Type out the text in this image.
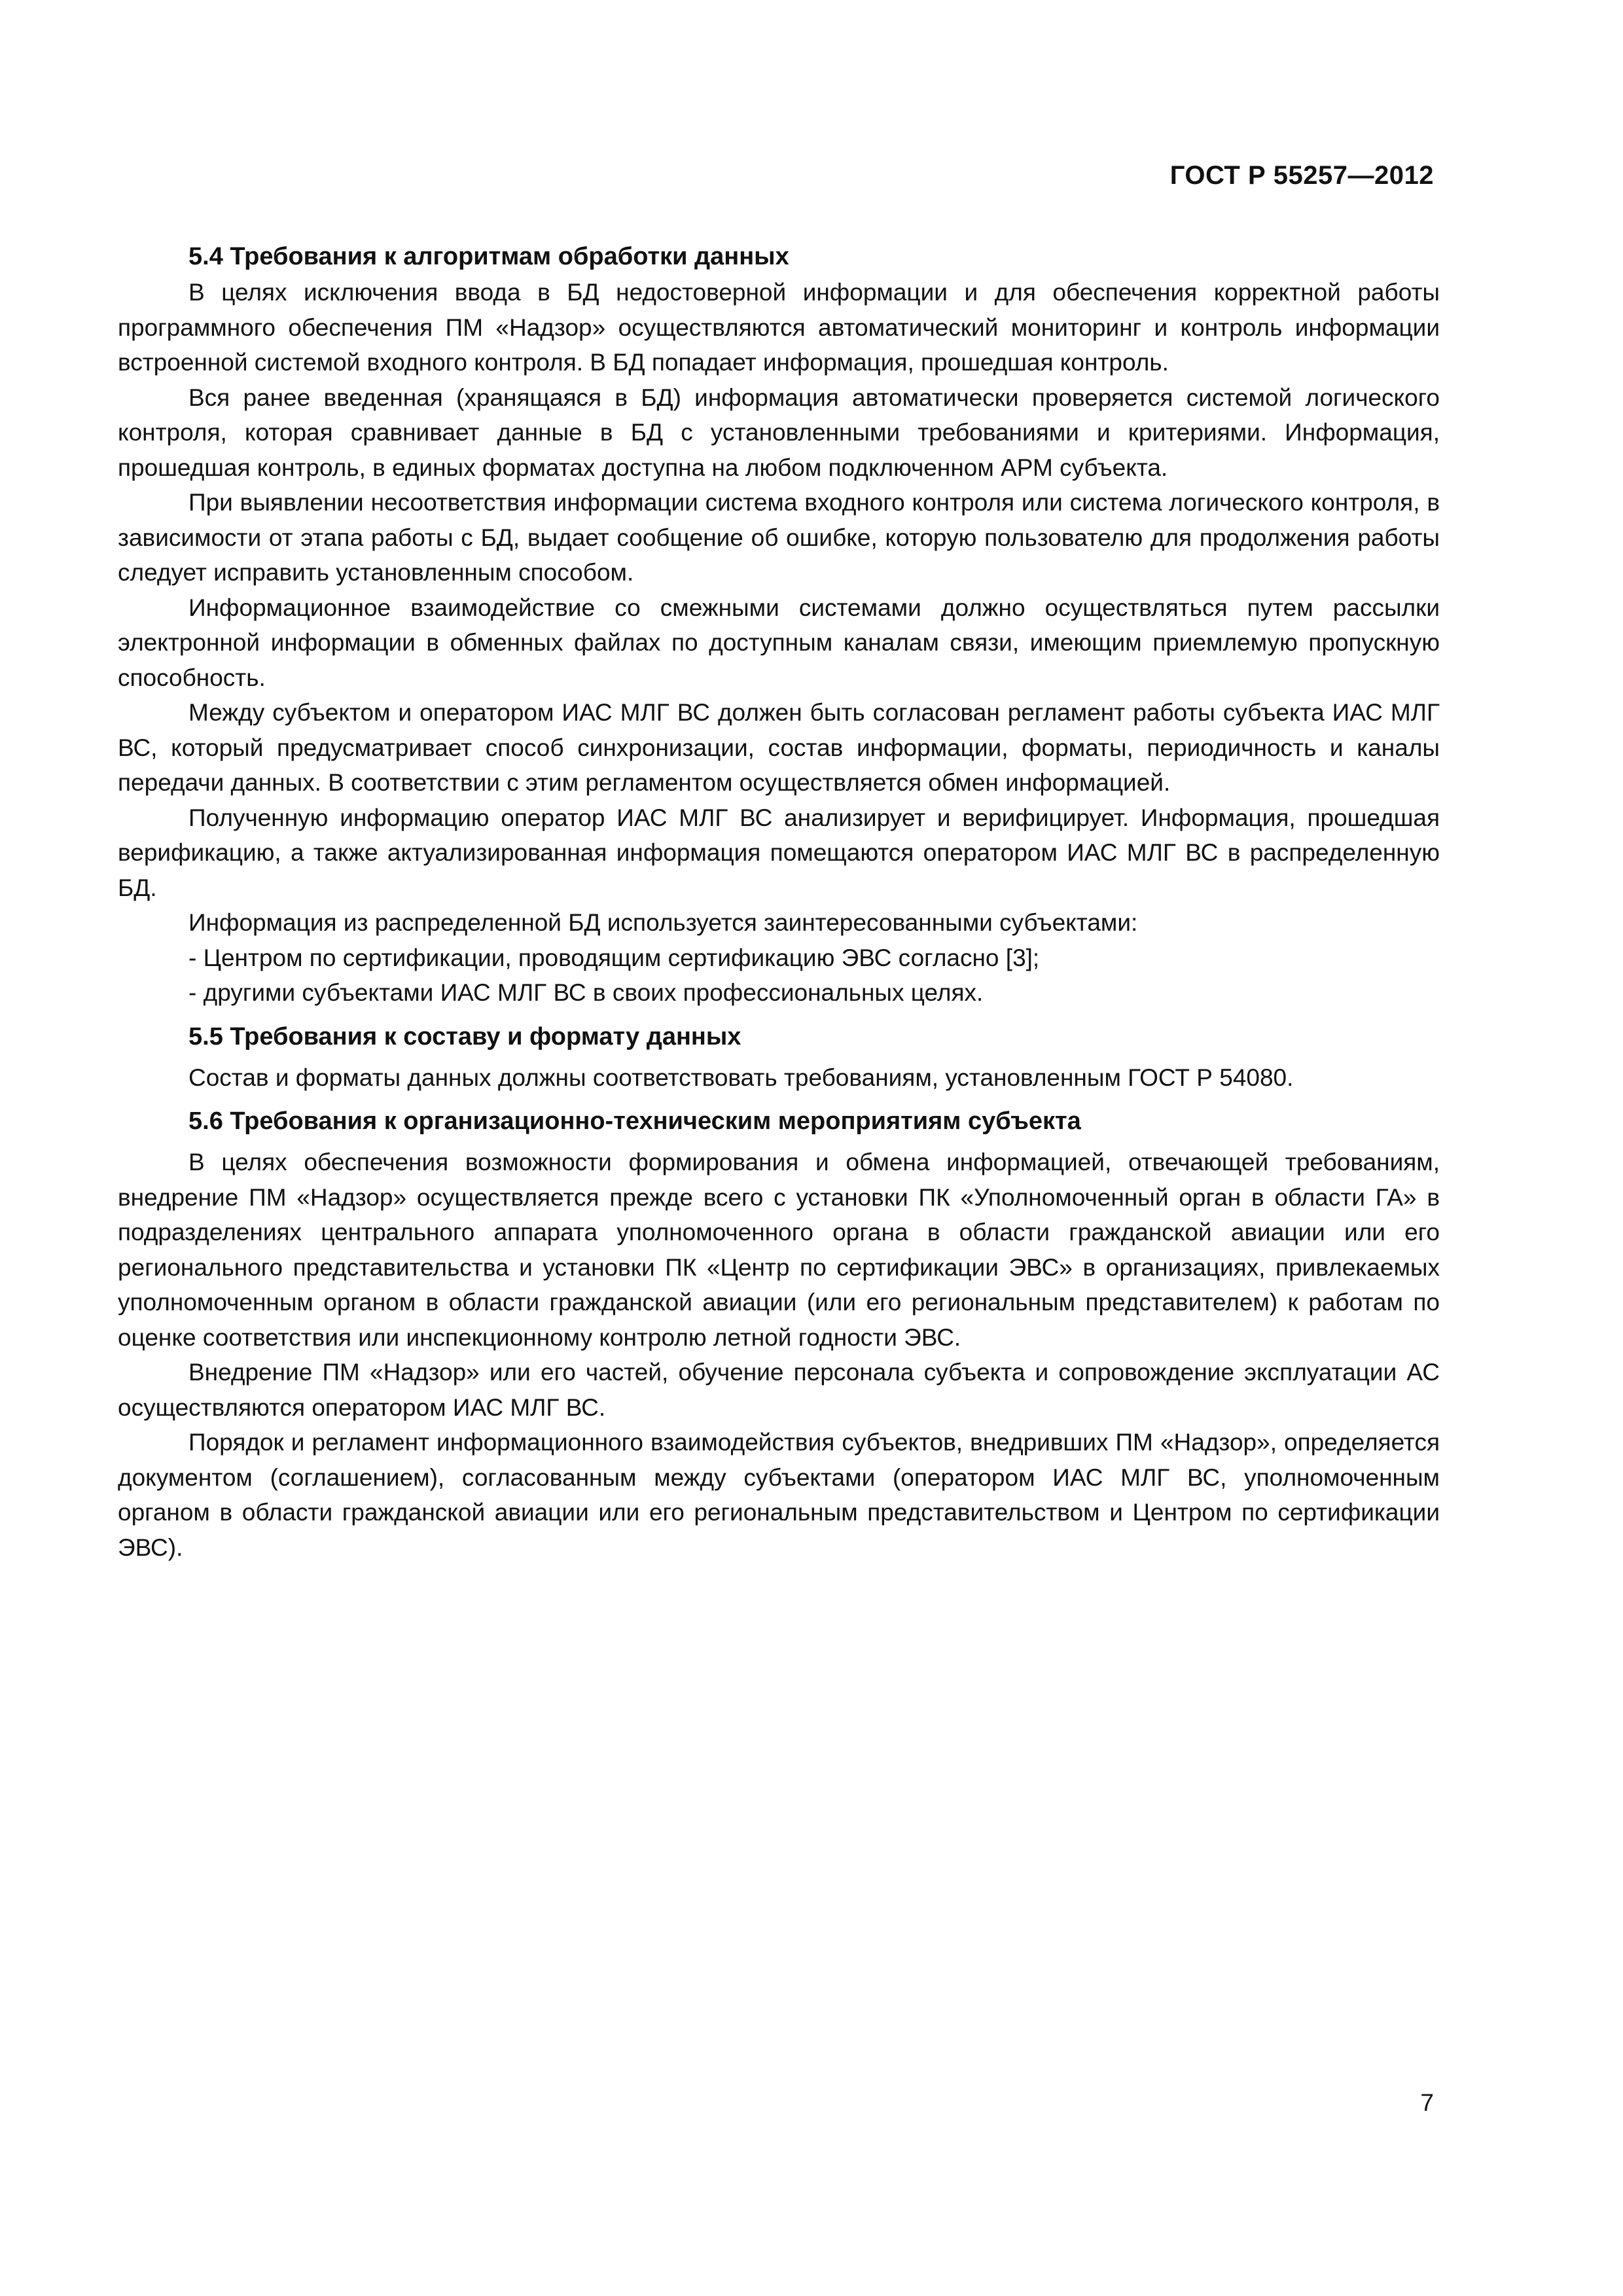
ГОСТ Р 55257—2012
5.4 Требования к алгоритмам обработки данных

В целях исключения ввода в БД недостоверной информации и для обеспечения корректной работы программного обеспечения ПМ «Надзор» осуществляются автоматический мониторинг и контроль информации встроенной системой входного контроля. В БД попадает информация, прошедшая контроль.

Вся ранее введенная (хранящаяся в БД) информация автоматически проверяется системой логического контроля, которая сравнивает данные в БД с установленными требованиями и критериями. Информация, прошедшая контроль, в единых форматах доступна на любом подключенном АРМ субъекта.

При выявлении несоответствия информации система входного контроля или система логического контроля, в зависимости от этапа работы с БД, выдает сообщение об ошибке, которую пользователю для продолжения работы следует исправить установленным способом.

Информационное взаимодействие со смежными системами должно осуществляться путем рассылки электронной информации в обменных файлах по доступным каналам связи, имеющим приемлемую пропускную способность.

Между субъектом и оператором ИАС МЛГ ВС должен быть согласован регламент работы субъекта ИАС МЛГ ВС, который предусматривает способ синхронизации, состав информации, форматы, периодичность и каналы передачи данных. В соответствии с этим регламентом осуществляется обмен информацией.

Полученную информацию оператор ИАС МЛГ ВС анализирует и верифицирует. Информация, прошедшая верификацию, а также актуализированная информация помещаются оператором ИАС МЛГ ВС в распределенную БД.

Информация из распределенной БД используется заинтересованными субъектами:

- Центром по сертификации, проводящим сертификацию ЭВС согласно [3];

- другими субъектами ИАС МЛГ ВС в своих профессиональных целях.

5.5 Требования к составу и формату данных

Состав и форматы данных должны соответствовать требованиям, установленным ГОСТ Р 54080.

5.6 Требования к организационно-техническим мероприятиям субъекта

В целях обеспечения возможности формирования и обмена информацией, отвечающей требованиям, внедрение ПМ «Надзор» осуществляется прежде всего с установки ПК «Уполномоченный орган в области ГА» в подразделениях центрального аппарата уполномоченного органа в области гражданской авиации или его регионального представительства и установки ПК «Центр по сертификации ЭВС» в организациях, привлекаемых уполномоченным органом в области гражданской авиации (или его региональным представителем) к работам по оценке соответствия или инспекционному контролю летной годности ЭВС.

Внедрение ПМ «Надзор» или его частей, обучение персонала субъекта и сопровождение эксплуатации АС осуществляются оператором ИАС МЛГ ВС.

Порядок и регламент информационного взаимодействия субъектов, внедривших ПМ «Надзор», определяется документом (соглашением), согласованным между субъектами (оператором ИАС МЛГ ВС, уполномоченным органом в области гражданской авиации или его региональным представительством и Центром по сертификации ЭВС).

7
